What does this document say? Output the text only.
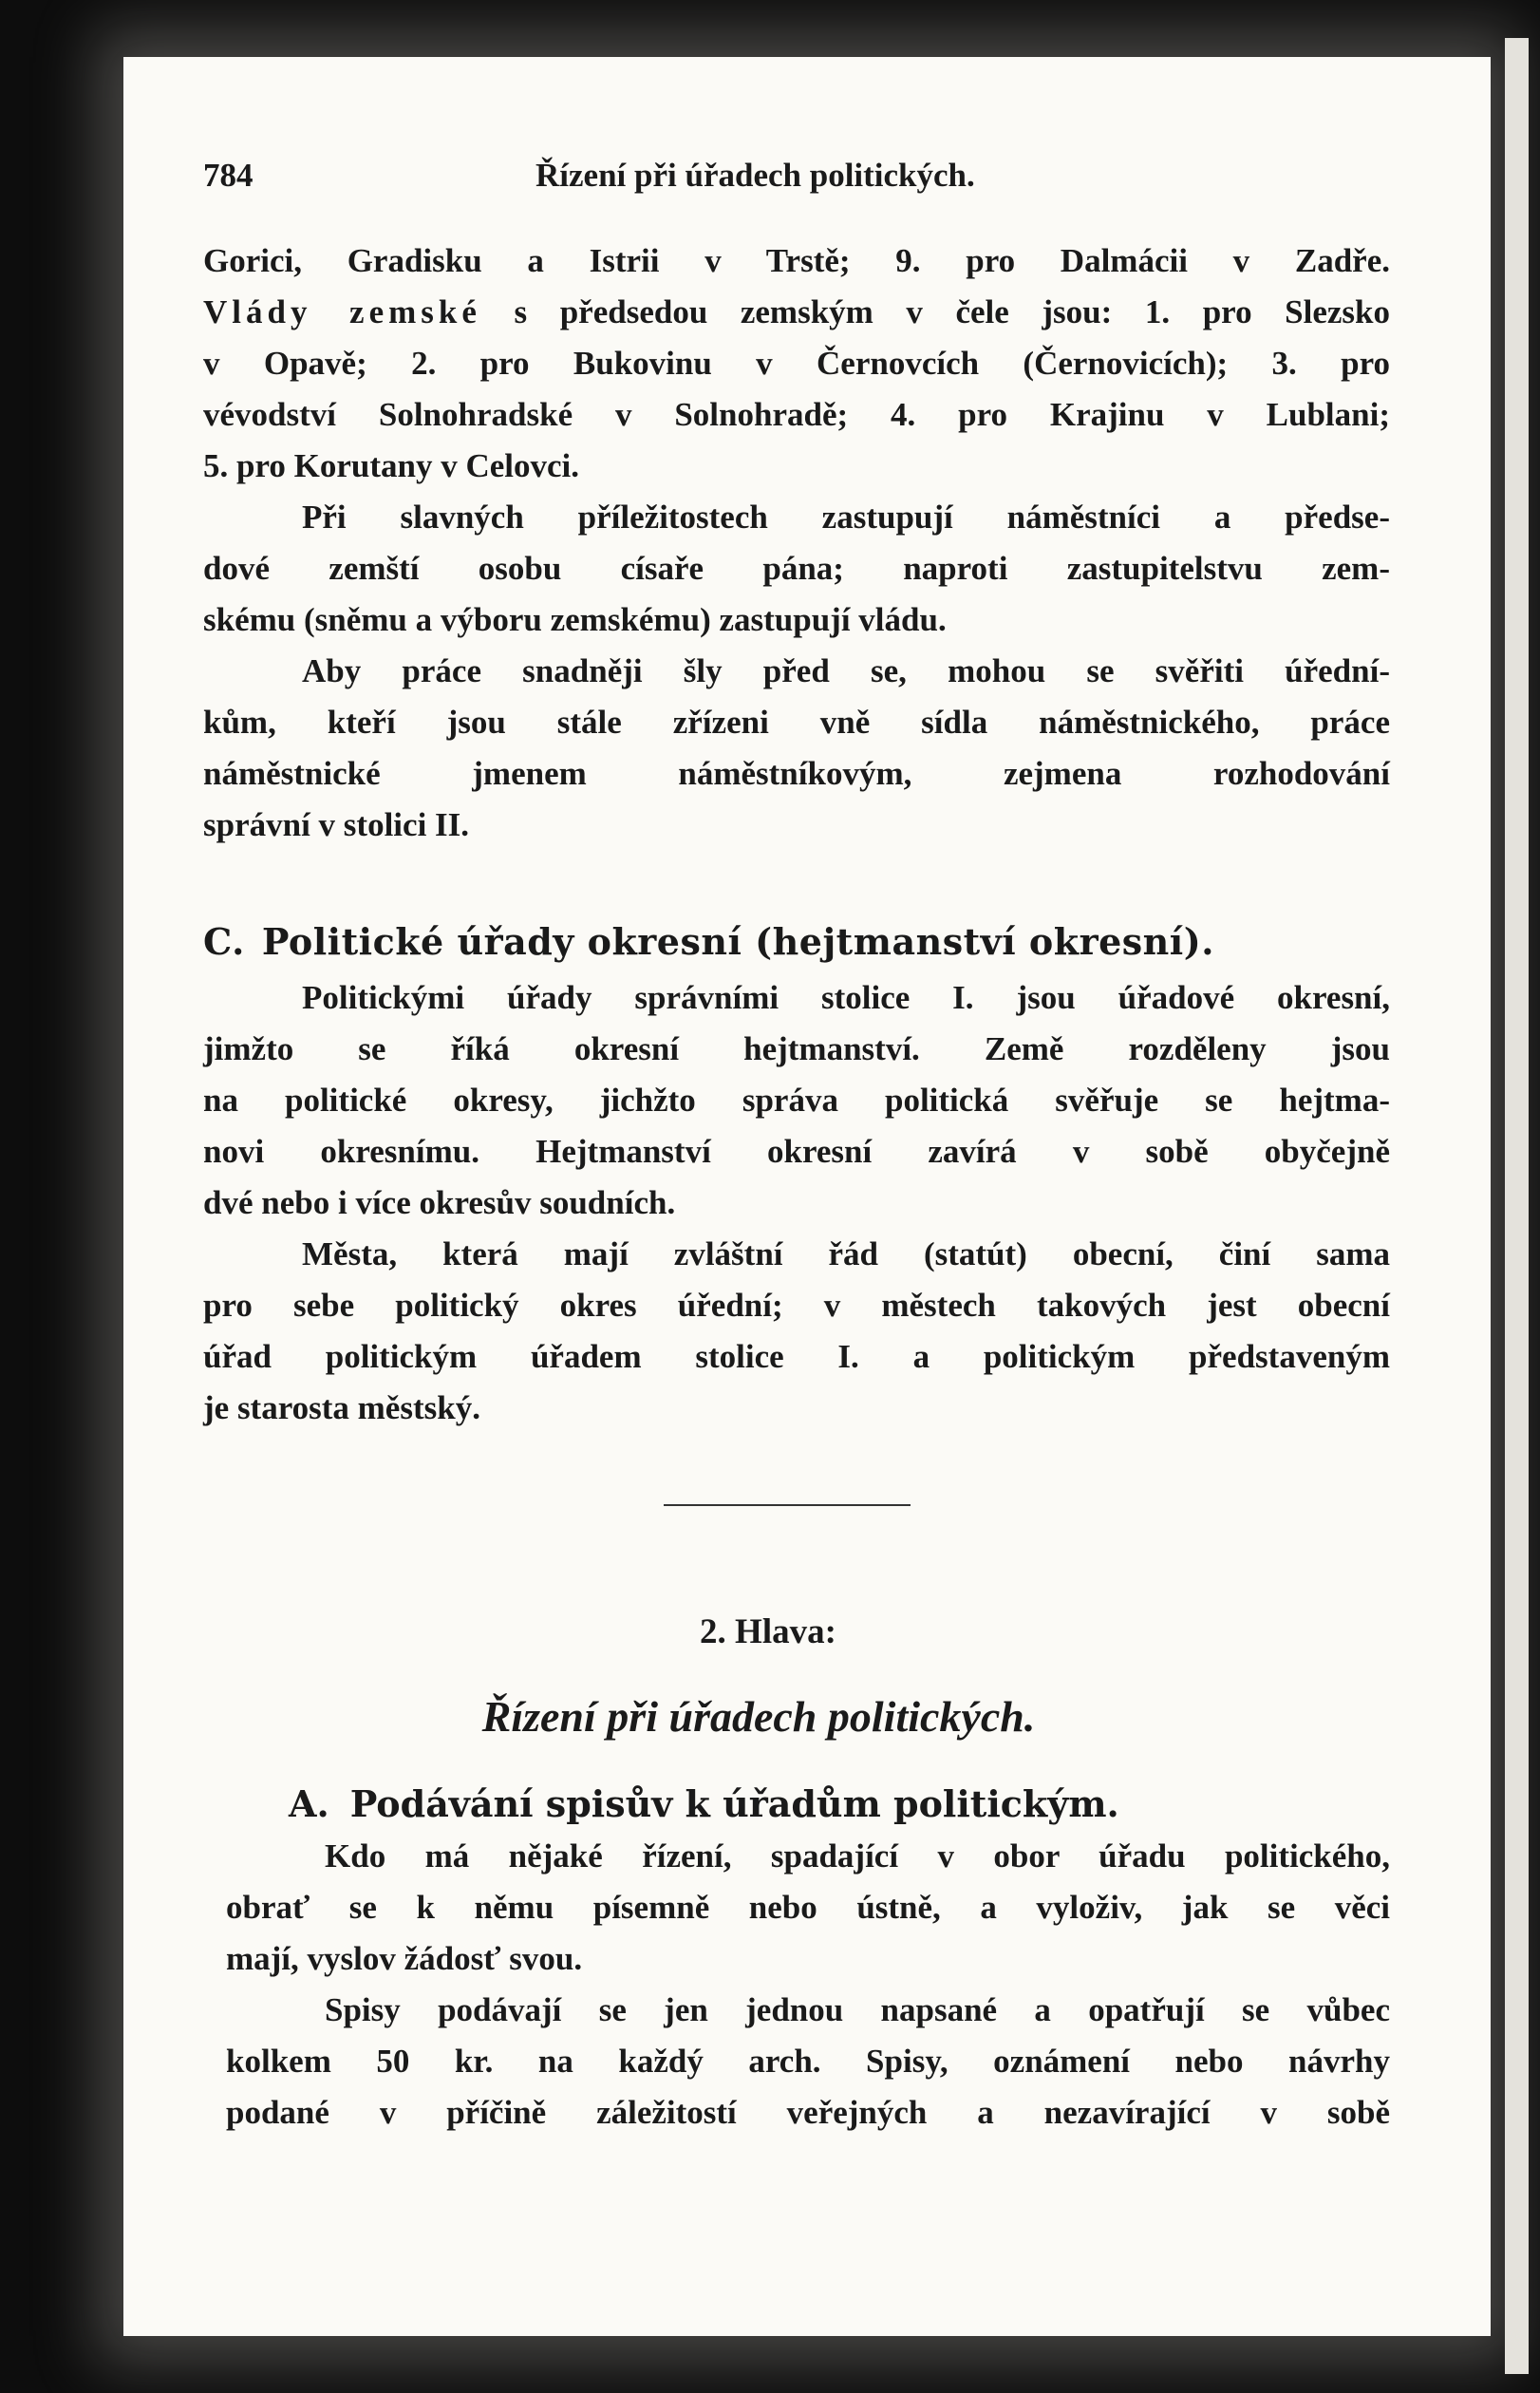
784	Řízení při úřadech politických.
Gorici, Gradisku a Istrii v Trstě; 9. pro Dalmácii v Zadře.
Vlády zemské s předsedou zemským v čele jsou: 1. pro Slezsko
v Opavě; 2. pro Bukovinu v Černovcích (Černovicích); 3. pro
vévodství Solnohradské v Solnohradě; 4. pro Krajinu v Lublani;
5. pro Korutany v Celovci.
Při slavných příležitostech zastupují náměstníci a předse-
dové zemští osobu císaře pána; naproti zastupitelstvu zem-
skému (sněmu a výboru zemskému) zastupují vládu.
Aby práce snadněji šly před se, mohou se svěřiti úřední-
kům, kteří jsou stále zřízeni vně sídla náměstnického, práce
náměstnické jmenem náměstníkovým, zejmena rozhodování
správní v stolici II.
C. Politické úřady okresní (hejtmanství okresní).
Politickými úřady správními stolice I. jsou úřadové okresní,
jimžto se říká okresní hejtmanství. Země rozděleny jsou
na politické okresy, jichžto správa politická svěřuje se hejtma-
novi okresnímu. Hejtmanství okresní zavírá v sobě obyčejně
dvé nebo i více okresův soudních.
Města, která mají zvláštní řád (statút) obecní, činí sama
pro sebe politický okres úřední; v městech takových jest obecní
úřad politickým úřadem stolice I. a politickým představeným
je starosta městský.
2. Hlava:
Řízení při úřadech politických.
A. Podávání spisův k úřadům politickým.
Kdo má nějaké řízení, spadající v obor úřadu politického,
obrať se k němu písemně nebo ústně, a vyloživ, jak se věci
mají, vyslov žádosť svou.
Spisy podávají se jen jednou napsané a opatřují se vůbec
kolkem 50 kr. na každý arch. Spisy, oznámení nebo návrhy
podané v příčině záležitostí veřejných a nezavírající v sobě
